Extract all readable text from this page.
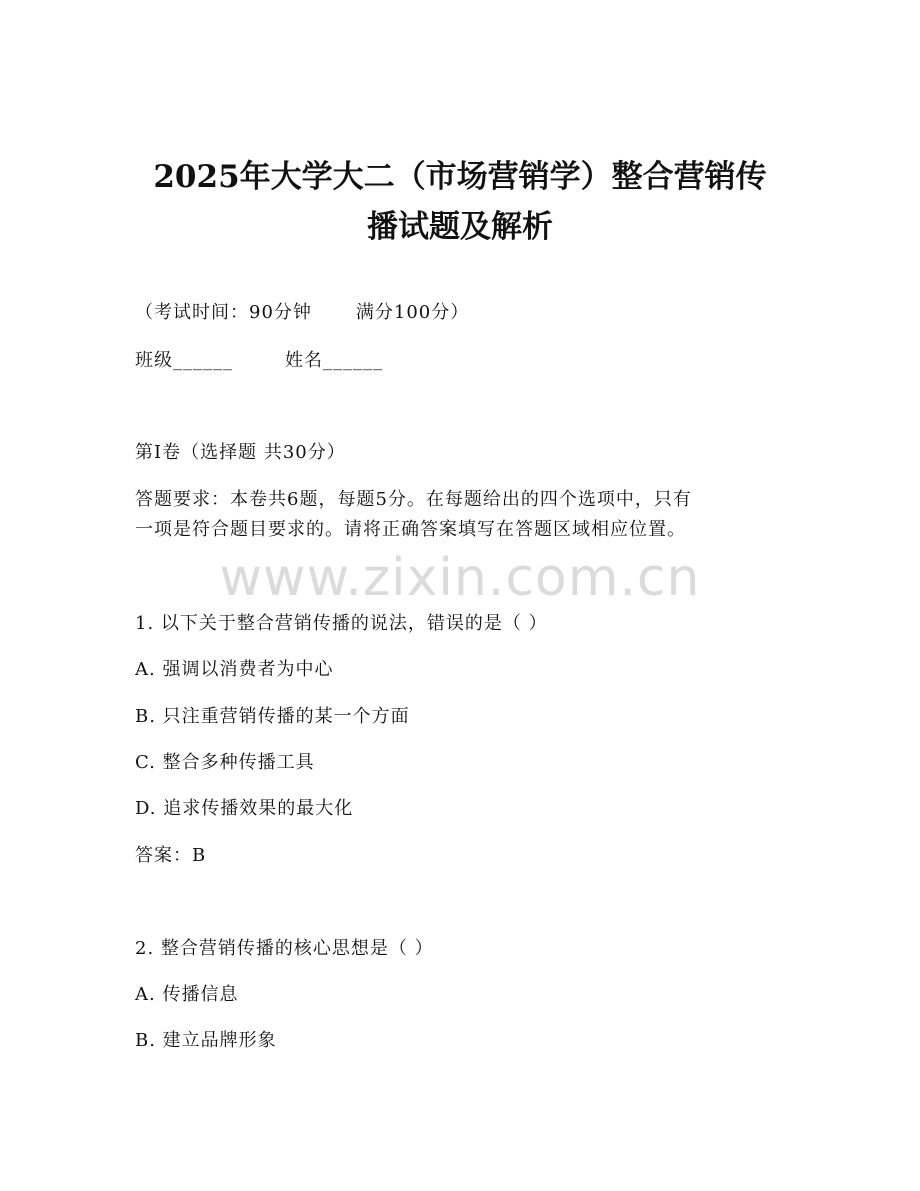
2025年大学大二（市场营销学）整合营销传
播试题及解析
（考试时间：90分钟 满分100分）
班级______	姓名______
第Ⅰ卷（选择题 共30分）
答题要求：本卷共6题，每题5分。在每题给出的四个选项中，只有
一项是符合题目要求的。请将正确答案填写在答题区域相应位置。
www.zixin.com.cn
1. 以下关于整合营销传播的说法，错误的是（ ）
A. 强调以消费者为中心
B. 只注重营销传播的某一个方面
C. 整合多种传播工具
D. 追求传播效果的最大化
答案：B
2. 整合营销传播的核心思想是（ ）
A. 传播信息
B. 建立品牌形象
